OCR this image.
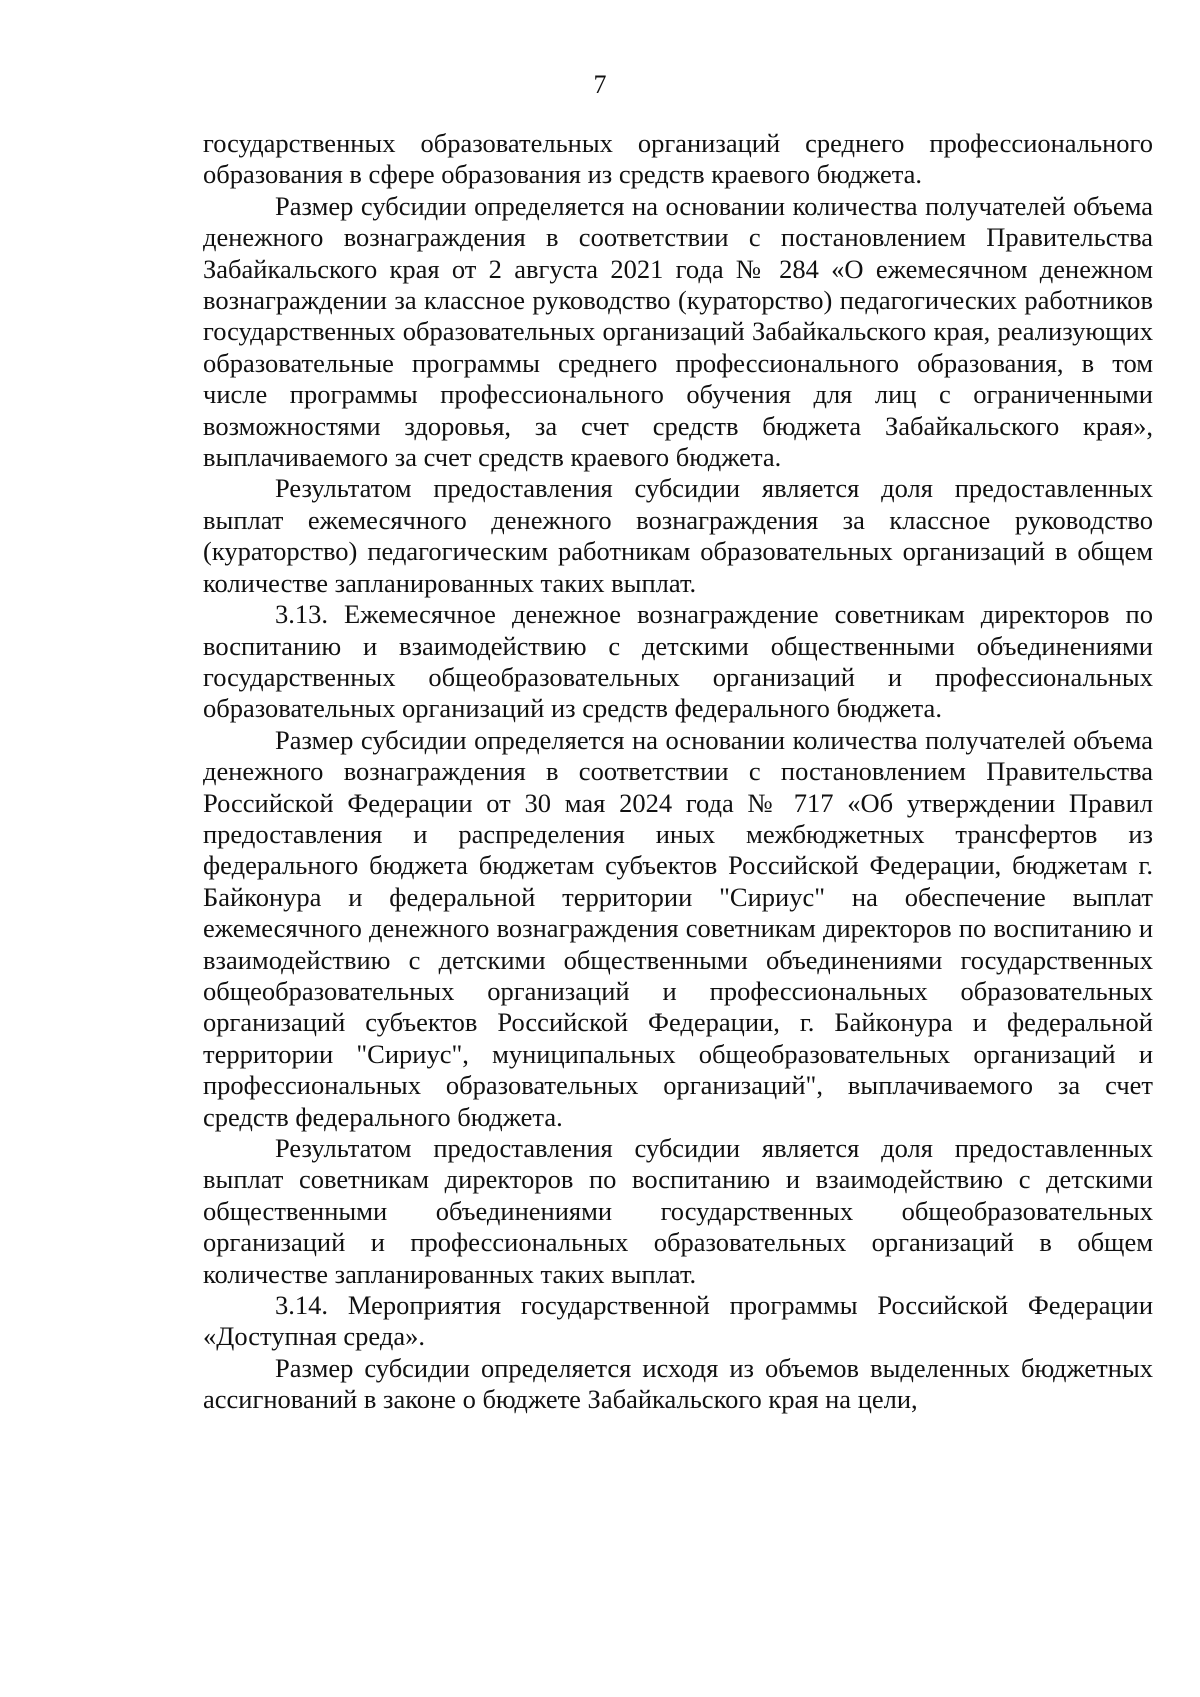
7

государственных образовательных организаций среднего профессионального образования в сфере образования из средств краевого бюджета.

Размер субсидии определяется на основании количества получателей объема денежного вознаграждения в соответствии с постановлением Правительства Забайкальского края от 2 августа 2021 года № 284 «О ежемесячном денежном вознаграждении за классное руководство (кураторство) педагогических работников государственных образовательных организаций Забайкальского края, реализующих образовательные программы среднего профессионального образования, в том числе программы профессионального обучения для лиц с ограниченными возможностями здоровья, за счет средств бюджета Забайкальского края», выплачиваемого за счет средств краевого бюджета.

Результатом предоставления субсидии является доля предоставленных выплат ежемесячного денежного вознаграждения за классное руководство (кураторство) педагогическим работникам образовательных организаций в общем количестве запланированных таких выплат.

3.13. Ежемесячное денежное вознаграждение советникам директоров по воспитанию и взаимодействию с детскими общественными объединениями государственных общеобразовательных организаций и профессиональных образовательных организаций из средств федерального бюджета.

Размер субсидии определяется на основании количества получателей объема денежного вознаграждения в соответствии с постановлением Правительства Российской Федерации от 30 мая 2024 года № 717 «Об утверждении Правил предоставления и распределения иных межбюджетных трансфертов из федерального бюджета бюджетам субъектов Российской Федерации, бюджетам г. Байконура и федеральной территории "Сириус" на обеспечение выплат ежемесячного денежного вознаграждения советникам директоров по воспитанию и взаимодействию с детскими общественными объединениями государственных общеобразовательных организаций и профессиональных образовательных организаций субъектов Российской Федерации, г. Байконура и федеральной территории "Сириус", муниципальных общеобразовательных организаций и профессиональных образовательных организаций", выплачиваемого за счет средств федерального бюджета.

Результатом предоставления субсидии является доля предоставленных выплат советникам директоров по воспитанию и взаимодействию с детскими общественными объединениями государственных общеобразовательных организаций и профессиональных образовательных организаций в общем количестве запланированных таких выплат.

3.14. Мероприятия государственной программы Российской Федерации «Доступная среда».

Размер субсидии определяется исходя из объемов выделенных бюджетных ассигнований в законе о бюджете Забайкальского края на цели,
